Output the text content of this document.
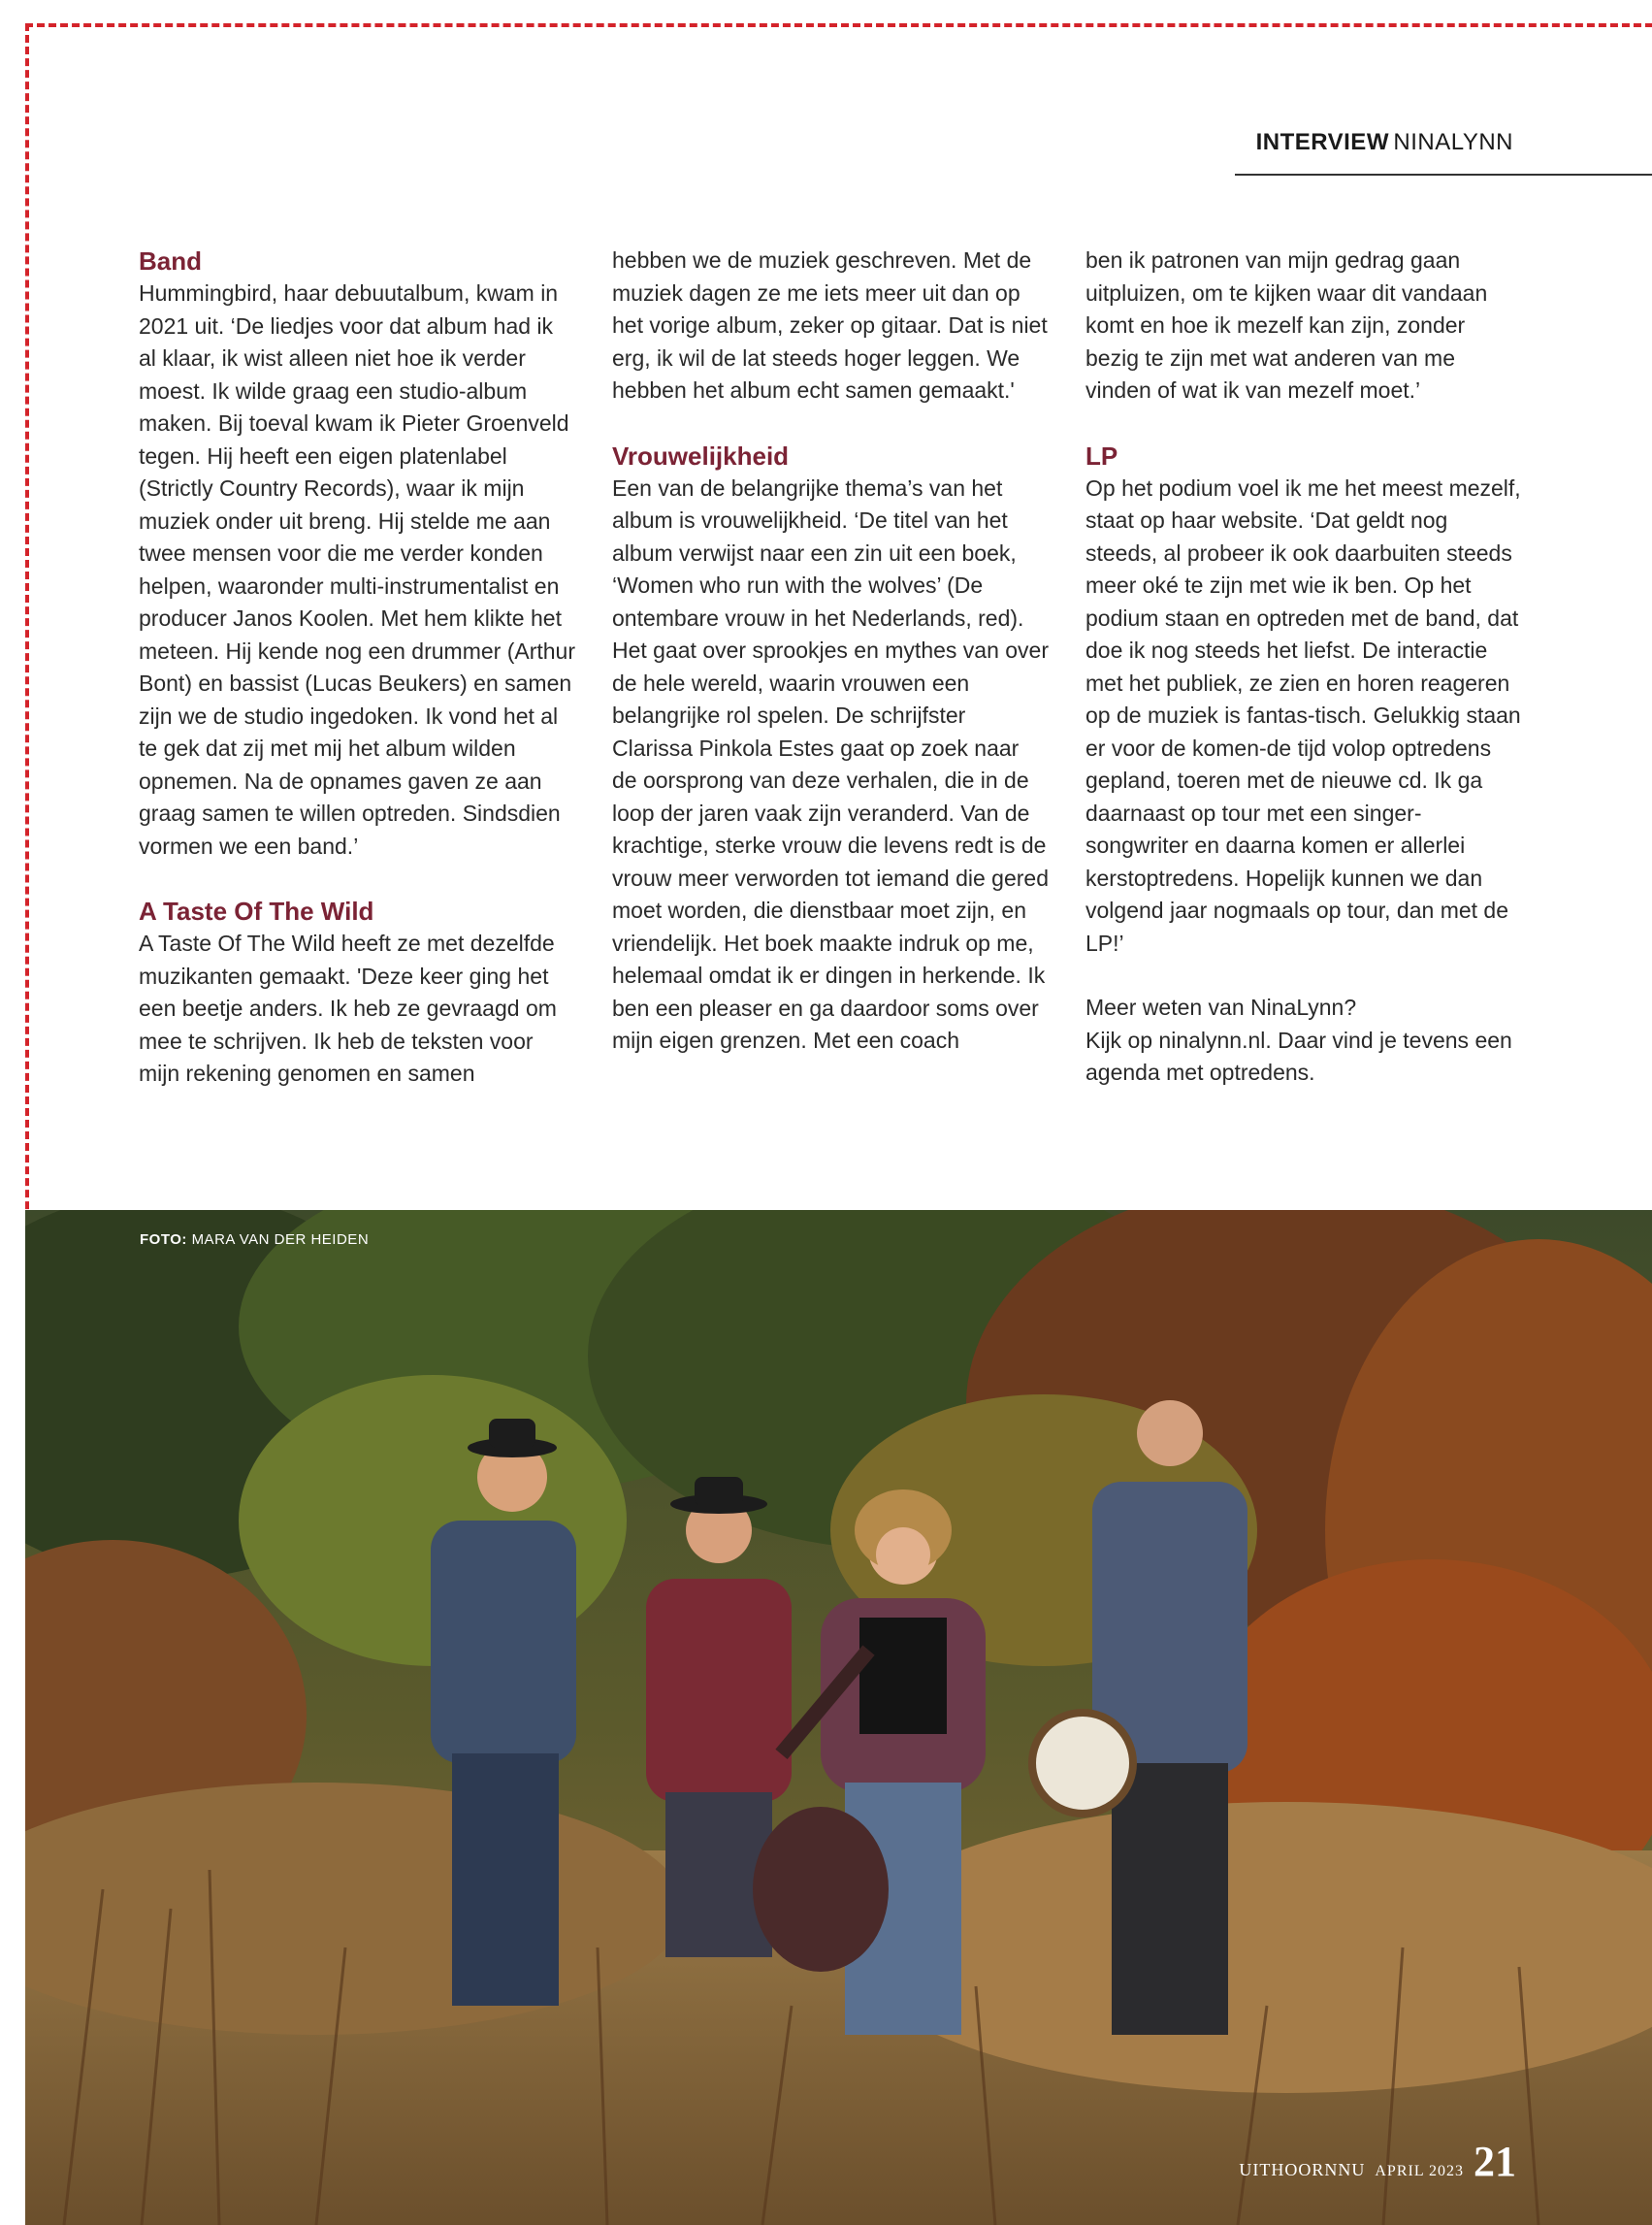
INTERVIEW NINALYNN
Band

Hummingbird, haar debuutalbum, kwam in 2021 uit. ‘De liedjes voor dat album had ik al klaar, ik wist alleen niet hoe ik verder moest. Ik wilde graag een studio-album maken. Bij toeval kwam ik Pieter Groenveld tegen. Hij heeft een eigen platenlabel (Strictly Country Records), waar ik mijn muziek onder uit breng. Hij stelde me aan twee mensen voor die me verder konden helpen, waaronder multi-instrumentalist en producer Janos Koolen. Met hem klikte het meteen. Hij kende nog een drummer (Arthur Bont) en bassist (Lucas Beukers) en samen zijn we de studio ingedoken. Ik vond het al te gek dat zij met mij het album wilden opnemen. Na de opnames gaven ze aan graag samen te willen optreden. Sindsdien vormen we een band.’

A Taste Of The Wild

A Taste Of The Wild heeft ze met dezelfde muzikanten gemaakt. 'Deze keer ging het een beetje anders. Ik heb ze gevraagd om mee te schrijven. Ik heb de teksten voor mijn rekening genomen en samen

hebben we de muziek geschreven. Met de muziek dagen ze me iets meer uit dan op het vorige album, zeker op gitaar. Dat is niet erg, ik wil de lat steeds hoger leggen. We hebben het album echt samen gemaakt.'

Vrouwelijkheid

Een van de belangrijke thema’s van het album is vrouwelijkheid. ‘De titel van het album verwijst naar een zin uit een boek, ‘Women who run with the wolves’ (De ontembare vrouw in het Nederlands, red). Het gaat over sprookjes en mythes van over de hele wereld, waarin vrouwen een belangrijke rol spelen. De schrijfster Clarissa Pinkola Estes gaat op zoek naar de oorsprong van deze verhalen, die in de loop der jaren vaak zijn veranderd. Van de krachtige, sterke vrouw die levens redt is de vrouw meer verworden tot iemand die gered moet worden, die dienstbaar moet zijn, en vriendelijk. Het boek maakte indruk op me, helemaal omdat ik er dingen in herkende. Ik ben een pleaser en ga daardoor soms over mijn eigen grenzen. Met een coach

ben ik patronen van mijn gedrag gaan uitpluizen, om te kijken waar dit vandaan komt en hoe ik mezelf kan zijn, zonder bezig te zijn met wat anderen van me vinden of wat ik van mezelf moet.’

LP

Op het podium voel ik me het meest mezelf, staat op haar website. ‘Dat geldt nog steeds, al probeer ik ook daarbuiten steeds meer oké te zijn met wie ik ben. Op het podium staan en optreden met de band, dat doe ik nog steeds het liefst. De interactie met het publiek, ze zien en horen reageren op de muziek is fantas-tisch. Gelukkig staan er voor de komen-de tijd volop optredens gepland, toeren met de nieuwe cd. Ik ga daarnaast op tour met een singer-songwriter en daarna komen er allerlei kerstoptredens. Hopelijk kunnen we dan volgend jaar nogmaals op tour, dan met de LP!’

Meer weten van NinaLynn?

Kijk op ninalynn.nl. Daar vind je tevens een agenda met optredens.

FOTO: MARA VAN DER HEIDEN
UITHOORNNU APRIL 2023 21
